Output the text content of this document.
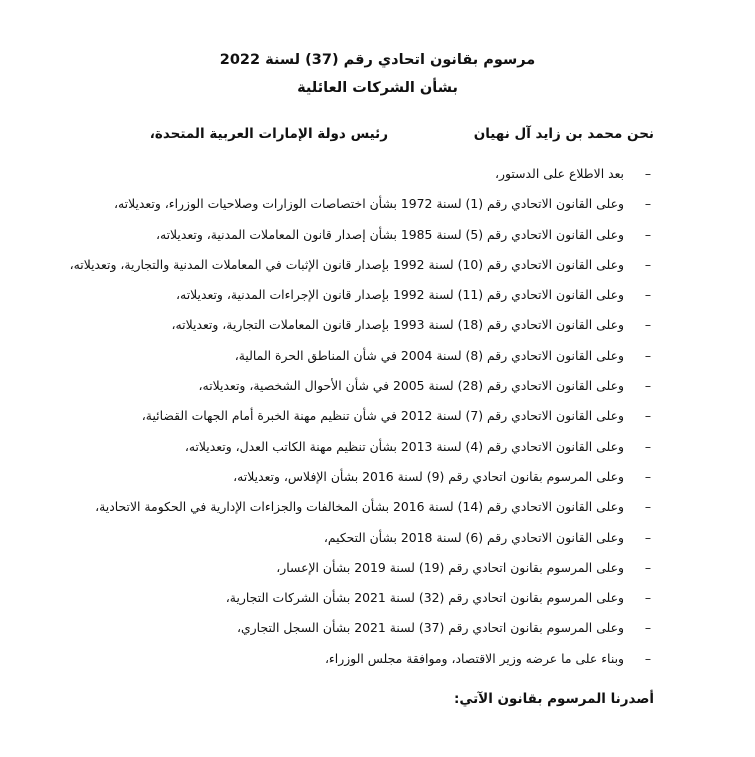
مرسوم بقانون اتحادي رقم (37) لسنة 2022
بشأن الشركات العائلية
نحن محمد بن زايد آل نهيان
رئيس دولة الإمارات العربية المتحدة،
–
بعد الاطلاع على الدستور،
–
وعلى القانون الاتحادي رقم (1) لسنة 1972 بشأن اختصاصات الوزارات وصلاحيات الوزراء، وتعديلاته،
–
وعلى القانون الاتحادي رقم (5) لسنة 1985 بشأن إصدار قانون المعاملات المدنية، وتعديلاته،
–
وعلى القانون الاتحادي رقم (10) لسنة 1992 بإصدار قانون الإثبات في المعاملات المدنية والتجارية، وتعديلاته،
–
وعلى القانون الاتحادي رقم (11) لسنة 1992 بإصدار قانون الإجراءات المدنية، وتعديلاته،
–
وعلى القانون الاتحادي رقم (18) لسنة 1993 بإصدار قانون المعاملات التجارية، وتعديلاته،
–
وعلى القانون الاتحادي رقم (8) لسنة 2004 في شأن المناطق الحرة المالية،
–
وعلى القانون الاتحادي رقم (28) لسنة 2005 في شأن الأحوال الشخصية، وتعديلاته،
–
وعلى القانون الاتحادي رقم (7) لسنة 2012 في شأن تنظيم مهنة الخبرة أمام الجهات القضائية،
–
وعلى القانون الاتحادي رقم (4) لسنة 2013 بشأن تنظيم مهنة الكاتب العدل، وتعديلاته،
–
وعلى المرسوم بقانون اتحادي رقم (9) لسنة 2016 بشأن الإفلاس، وتعديلاته،
–
وعلى القانون الاتحادي رقم (14) لسنة 2016 بشأن المخالفات والجزاءات الإدارية في الحكومة الاتحادية،
–
وعلى القانون الاتحادي رقم (6) لسنة 2018 بشأن التحكيم،
–
وعلى المرسوم بقانون اتحادي رقم (19) لسنة 2019 بشأن الإعسار،
–
وعلى المرسوم بقانون اتحادي رقم (32) لسنة 2021 بشأن الشركات التجارية،
–
وعلى المرسوم بقانون اتحادي رقم (37) لسنة 2021 بشأن السجل التجاري،
–
وبناء على ما عرضه وزير الاقتصاد، وموافقة مجلس الوزراء،
أصدرنا المرسوم بقانون الآتي:
